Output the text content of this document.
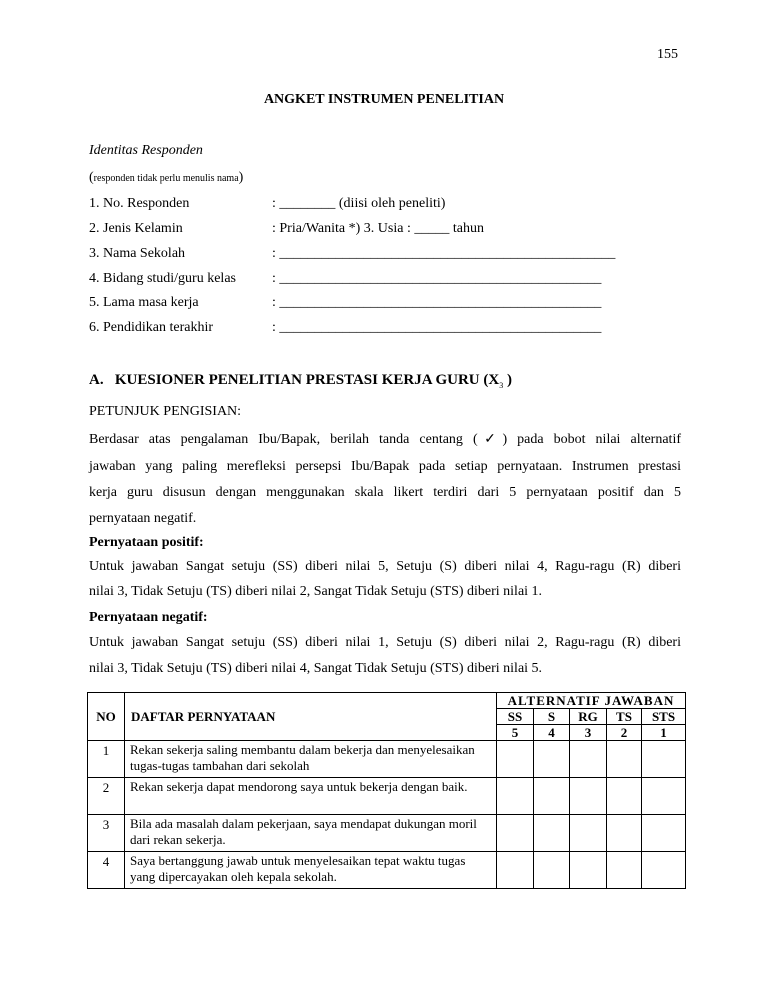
155
ANGKET INSTRUMEN PENELITIAN
Identitas Responden
(responden tidak perlu menulis nama)
1. No. Responden	: ________ (diisi oleh peneliti)
2. Jenis Kelamin	: Pria/Wanita *) 3. Usia : _____ tahun
3. Nama Sekolah	: ________________________________________________
4. Bidang studi/guru kelas	: ______________________________________________
5. Lama masa kerja	: ______________________________________________
6. Pendidikan terakhir	: ______________________________________________
A.   KUESIONER PENELITIAN PRESTASI KERJA GURU ($X_3$ )
PETUNJUK PENGISIAN:
Berdasar atas pengalaman Ibu/Bapak, berilah tanda centang (✓) pada bobot nilai alternatif
jawaban yang paling merefleksi persepsi Ibu/Bapak pada setiap pernyataan. Instrumen prestasi
kerja guru disusun dengan menggunakan skala likert terdiri dari 5 pernyataan positif dan 5
pernyataan negatif.
Pernyataan positif:
Untuk jawaban Sangat setuju (SS) diberi nilai 5, Setuju (S) diberi nilai 4, Ragu-ragu (R) diberi
nilai 3, Tidak Setuju (TS) diberi nilai 2, Sangat Tidak Setuju (STS) diberi nilai 1.
Pernyataan negatif:
Untuk jawaban Sangat setuju (SS) diberi nilai 1, Setuju (S) diberi nilai 2, Ragu-ragu (R) diberi
nilai 3, Tidak Setuju (TS) diberi nilai 4, Sangat Tidak Setuju (STS) diberi nilai 5.
NO	DAFTAR PERNYATAAN	ALTERNATIF JAWABAN				
		SS	S	RG	TS	STS
		5	4	3	2	1
1	Rekan sekerja saling membantu dalam bekerja dan menyelesaikan tugas-tugas tambahan dari sekolah					
2	Rekan sekerja dapat mendorong saya untuk bekerja dengan baik.					
3	Bila ada masalah dalam pekerjaan, saya mendapat dukungan moril dari rekan sekerja.					
4	Saya bertanggung jawab untuk menyelesaikan tepat waktu tugas yang dipercayakan oleh kepala sekolah.					
